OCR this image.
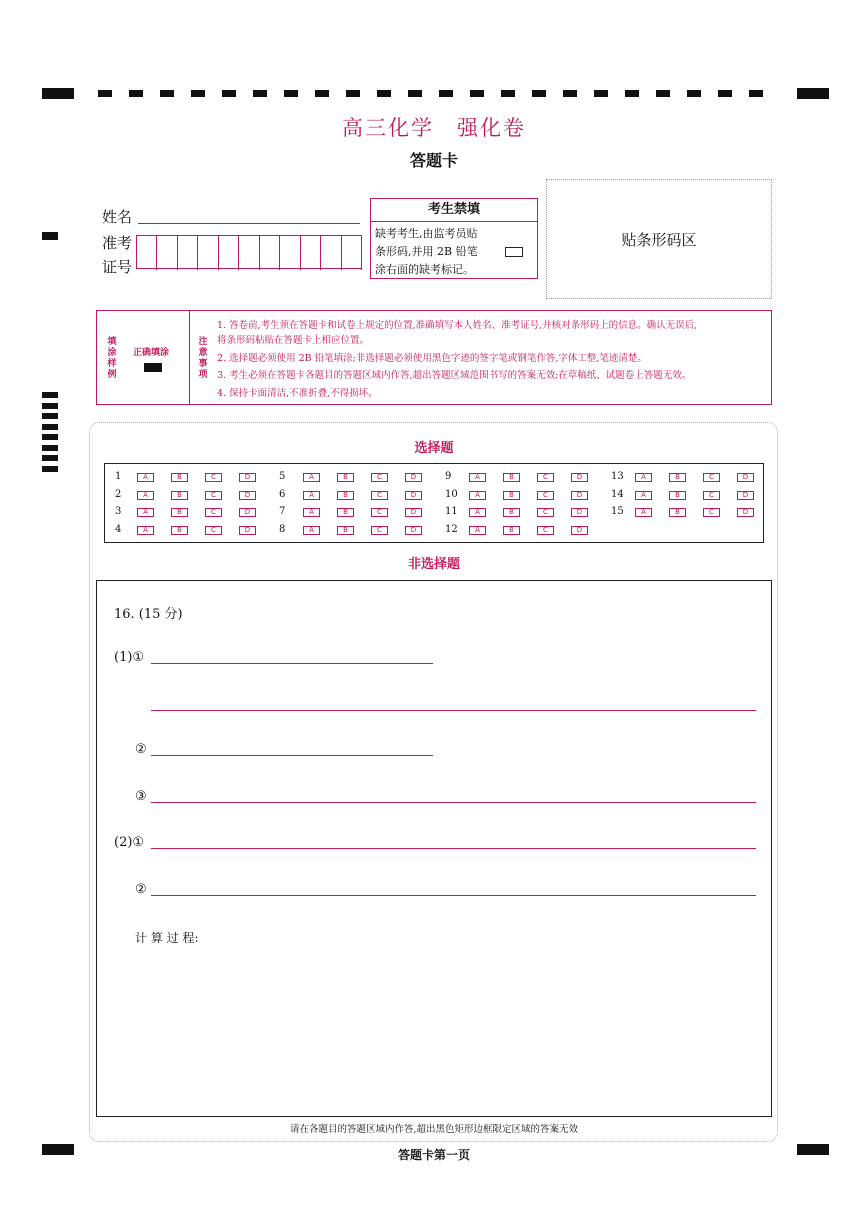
高三化学　强化卷
答题卡
姓名
准考
证号
考生禁填
缺考考生,由监考员贴
条形码,并用 2B 铅笔
涂右面的缺考标记。
贴条形码区
填涂样例
正确填涂
注意事项
1. 答卷前,考生须在答题卡和试卷上规定的位置,准确填写本人姓名、准考证号,并核对条形码上的信息。确认无误后,
将条形码粘贴在答题卡上相应位置。
2. 选择题必须使用 2B 铅笔填涂;非选择题必须使用黑色字迹的签字笔或钢笔作答,字体工整,笔迹清楚。
3. 考生必须在答题卡各题目的答题区域内作答,超出答题区域范围书写的答案无效;在草稿纸、试题卷上答题无效。
4. 保持卡面清洁,不准折叠,不得损坏。
选择题
1	A	B	C	D
2	A	B	C	D
3	A	B	C	D
4	A	B	C	D
5	A	B	C	D
6	A	B	C	D
7	A	B	C	D
8	A	B	C	D
9	A	B	C	D
10	A	B	C	D
11	A	B	C	D
12	A	B	C	D
13	A	B	C	D
14	A	B	C	D
15	A	B	C	D
非选择题
16. (15 分)
(1)①
②
③
(2)①
②
计 算 过 程:
请在各题目的答题区域内作答,超出黑色矩形边框限定区域的答案无效
答题卡第一页
